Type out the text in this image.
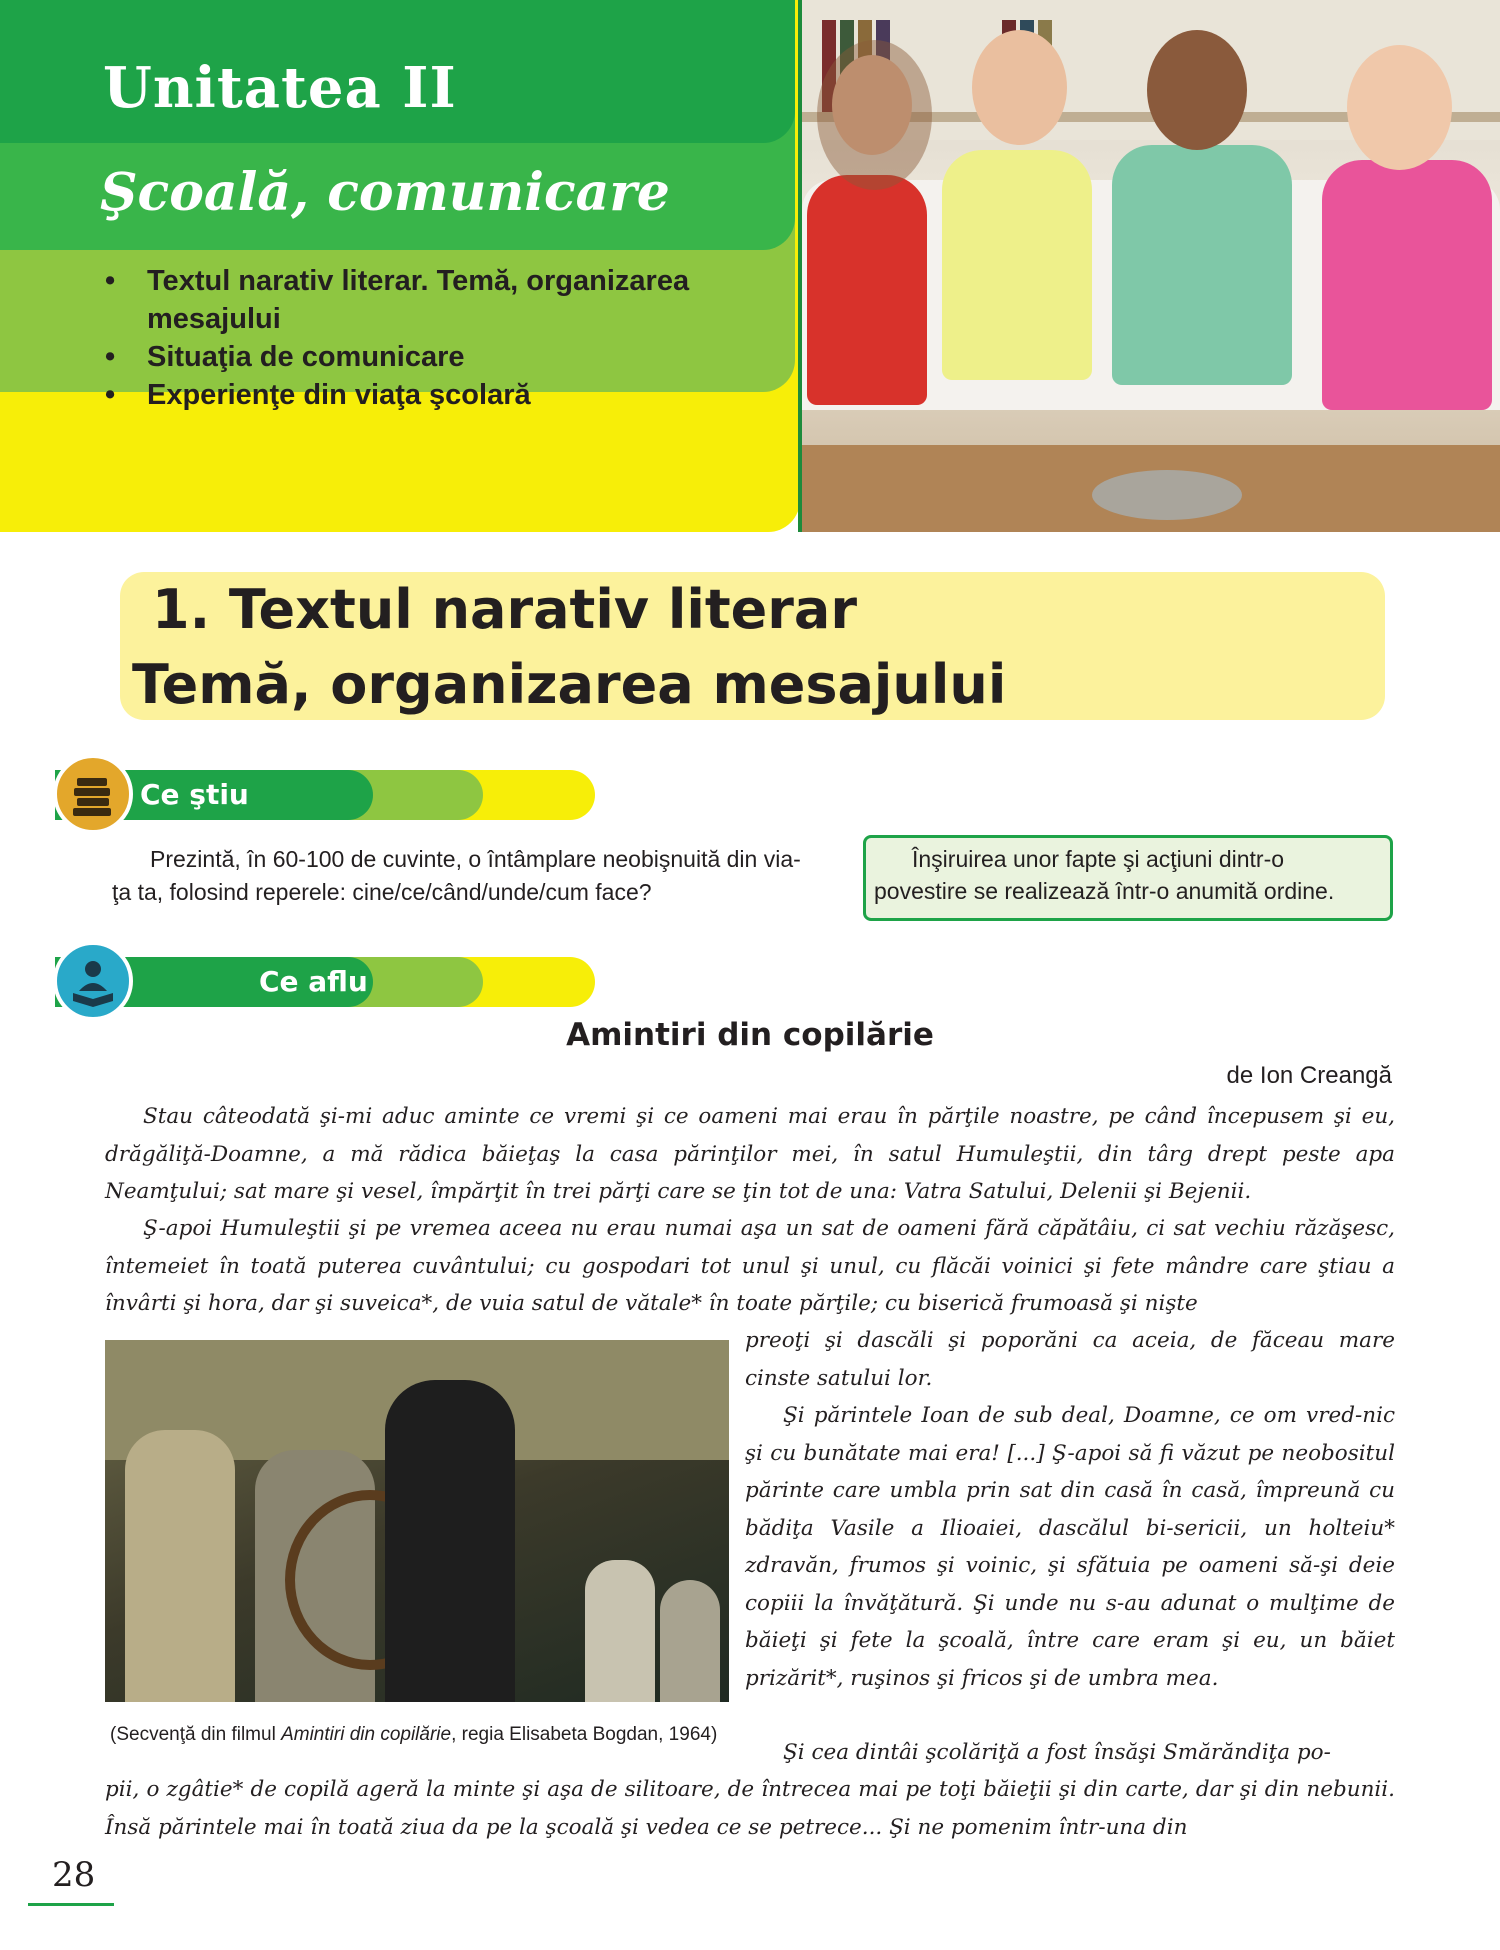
Unitatea II
Şcoală, comunicare
• Textul narativ literar. Temă, organizarea mesajului
• Situaţia de comunicare
• Experienţe din viaţa şcolară
1. Textul narativ literar
Temă, organizarea mesajului
Ce ştiu

Prezintă, în 60-100 de cuvinte, o întâmplare neobişnuită din via-ţa ta, folosind reperele: cine/ce/când/unde/cum face?

Înşiruirea unor fapte şi acţiuni dintr-o povestire se realizează într-o anumită ordine.

Ce aflu
Amintiri din copilărie

de Ion Creangă

Stau câteodată şi-mi aduc aminte ce vremi şi ce oameni mai erau în părţile noastre, pe când începusem şi eu, drăgăliţă-Doamne, a mă rădica băieţaş la casa părinţilor mei, în satul Humuleştii, din târg drept peste apa Neamţului; sat mare şi vesel, împărţit în trei părţi care se ţin tot de una: Vatra Satului, Delenii şi Bejenii.

Ş-apoi Humuleştii şi pe vremea aceea nu erau numai aşa un sat de oameni fără căpătâiu, ci sat vechiu răzăşesc, întemeiet în toată puterea cuvântului; cu gospodari tot unul şi unul, cu flăcăi voinici şi fete mândre care ştiau a învârti şi hora, dar şi suveica*, de vuia satul de vătale* în toate părţile; cu biserică frumoasă şi nişte

preoţi şi dascăli şi poporăni ca aceia, de făceau mare cinste satului lor.

Şi părintele Ioan de sub deal, Doamne, ce om vred-nic şi cu bunătate mai era! [...] Ş-apoi să fi văzut pe neobositul părinte care umbla prin sat din casă în casă, împreună cu bădiţa Vasile a Ilioaiei, dascălul bi-sericii, un holteiu* zdravăn, frumos şi voinic, şi sfătuia pe oameni să-şi deie copiii la învăţătură. Şi unde nu s-au adunat o mulţime de băieţi şi fete la şcoală, între care eram şi eu, un băiet prizărit*, ruşinos şi fricos şi de umbra mea.

Şi cea dintâi şcolăriţă a fost însăşi Smărăndiţa po-

pii, o zgâtie* de copilă ageră la minte şi aşa de silitoare, de întrecea mai pe toţi băieţii şi din carte, dar şi din nebunii. Însă părintele mai în toată ziua da pe la şcoală şi vedea ce se petrece... Şi ne pomenim într-una din

(Secvenţă din filmul Amintiri din copilărie, regia Elisabeta Bogdan, 1964)

28
